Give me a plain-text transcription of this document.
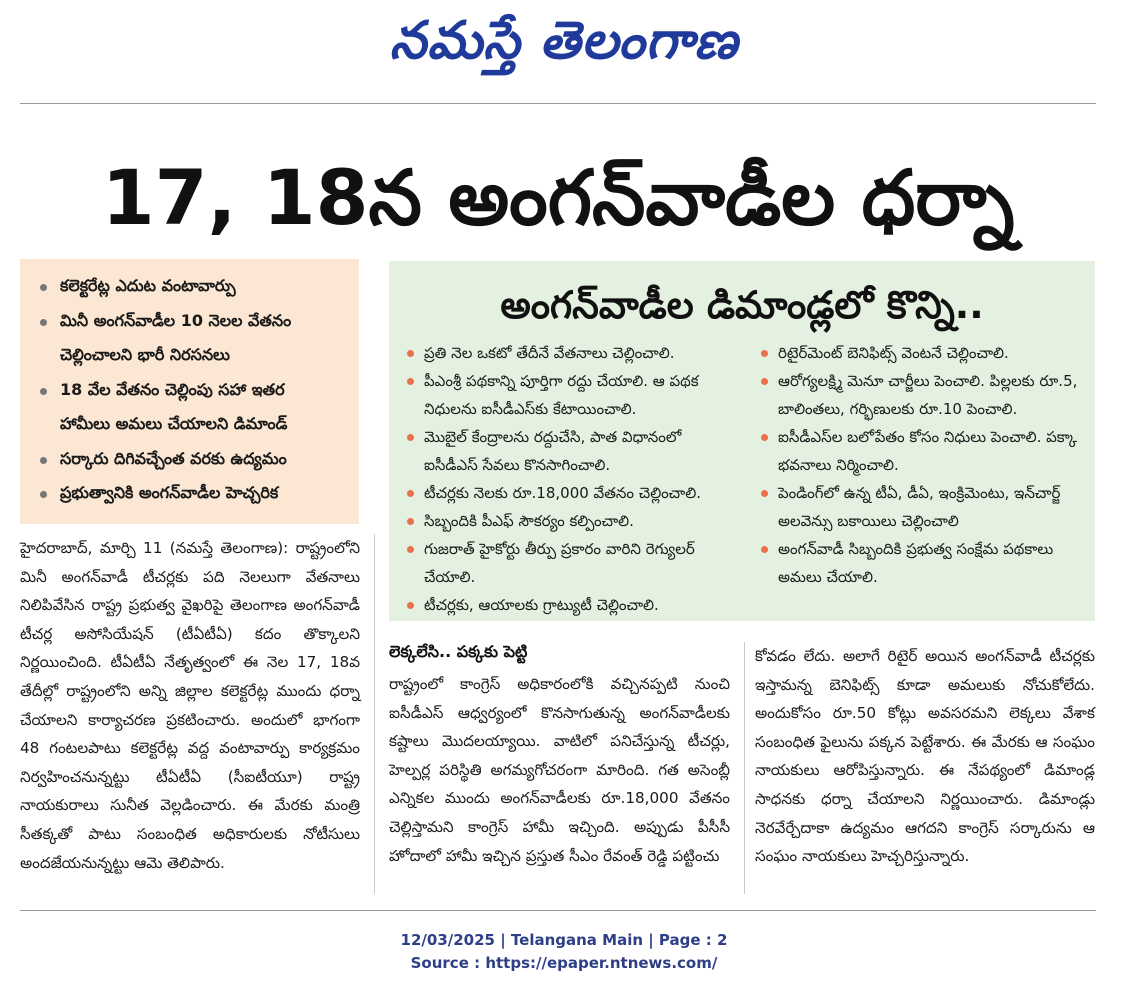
నమస్తే తెలంగాణ
17, 18న అంగన్‌వాడీల ధర్నా
కలెక్టరేట్ల ఎదుట వంటావార్పు
మినీ అంగన్‌వాడీల 10 నెలల వేతనం
చెల్లించాలని భారీ నిరసనలు
18 వేల వేతనం చెల్లింపు సహా ఇతర
హామీలు అమలు చేయాలని డిమాండ్
సర్కారు దిగివచ్చేంత వరకు ఉద్యమం
ప్రభుత్వానికి అంగన్‌వాడీల హెచ్చరిక
అంగన్‌వాడీల డిమాండ్లలో కొన్ని..
ప్రతి నెల ఒకటో తేదీనే వేతనాలు చెల్లించాలి.
పీఎంశ్రీ పథకాన్ని పూర్తిగా రద్దు చేయాలి. ఆ పథక నిధులను ఐసీడీఎస్‌కు కేటాయించాలి.
మొబైల్ కేంద్రాలను రద్దుచేసి, పాత విధానంలో ఐసీడీఎస్ సేవలు కొనసాగించాలి.
టీచర్లకు నెలకు రూ.18,000 వేతనం చెల్లించాలి.
సిబ్బందికి పీఎఫ్ సౌకర్యం కల్పించాలి.
గుజరాత్ హైకోర్టు తీర్పు ప్రకారం వారిని రెగ్యులర్ చేయాలి.
టీచర్లకు, ఆయాలకు గ్రాట్యుటీ చెల్లించాలి.
రిటైర్‌మెంట్ బెనిఫిట్స్ వెంటనే చెల్లించాలి.
ఆరోగ్యలక్ష్మి మెనూ చార్జీలు పెంచాలి. పిల్లలకు రూ.5, బాలింతలు, గర్భిణులకు రూ.10 పెంచాలి.
ఐసీడీఎస్‌ల బలోపేతం కోసం నిధులు పెంచాలి. పక్కా భవనాలు నిర్మించాలి.
పెండింగ్‌లో ఉన్న టీఏ, డీఏ, ఇంక్రిమెంటు, ఇన్‌చార్జ్ అలవెన్సు బకాయిలు చెల్లించాలి
అంగన్‌వాడీ సిబ్బందికి ప్రభుత్వ సంక్షేమ పథకాలు అమలు చేయాలి.

హైదరాబాద్, మార్చి 11 (నమస్తే తెలంగాణ): రాష్ట్రంలోని మినీ అంగన్‌వాడీ టీచర్లకు పది నెలలుగా వేతనాలు నిలిపివేసిన రాష్ట్ర ప్రభుత్వ వైఖరిపై తెలంగాణ అంగన్‌వాడీ టీచర్ల అసోసియేషన్ (టీఏటీఏ) కదం తొక్కాలని నిర్ణయించింది. టీఏటీఏ నేతృత్వంలో ఈ నెల 17, 18వ తేదీల్లో రాష్ట్రంలోని అన్ని జిల్లాల కలెక్టరేట్ల ముందు ధర్నా చేయాలని కార్యాచరణ ప్రకటించారు. అందులో భాగంగా 48 గంటలపాటు కలెక్టరేట్ల వద్ద వంటావార్పు కార్యక్రమం నిర్వహించనున్నట్టు టీఏటీఏ (సీఐటీయూ) రాష్ట్ర నాయకురాలు సునీత వెల్లడించారు. ఈ మేరకు మంత్రి సీతక్కతో పాటు సంబంధిత అధికారులకు నోటీసులు అందజేయనున్నట్టు ఆమె తెలిపారు.

లెక్కలేసి.. పక్కకు పెట్టి

రాష్ట్రంలో కాంగ్రెస్ అధికారంలోకి వచ్చినప్పటి నుంచి ఐసీడీఎస్ ఆధ్వర్యంలో కొనసాగుతున్న అంగన్‌వాడీలకు కష్టాలు మొదలయ్యాయి. వాటిలో పనిచేస్తున్న టీచర్లు, హెల్పర్ల పరిస్థితి అగమ్యగోచరంగా మారింది. గత అసెంబ్లీ ఎన్నికల ముందు అంగన్‌వాడీలకు రూ.18,000 వేతనం చెల్లిస్తామని కాంగ్రెస్ హామీ ఇచ్చింది. అప్పుడు పీసీసీ హోదాలో హామీ ఇచ్చిన ప్రస్తుత సీఎం రేవంత్ రెడ్డి పట్టించు

కోవడం లేదు. అలాగే రిటైర్ అయిన అంగన్‌వాడీ టీచర్లకు ఇస్తామన్న బెనిఫిట్స్ కూడా అమలుకు నోచుకోలేదు. అందుకోసం రూ.50 కోట్లు అవసరమని లెక్కలు వేశాక సంబంధిత ఫైలును పక్కన పెట్టేశారు. ఈ మేరకు ఆ సంఘం నాయకులు ఆరోపిస్తున్నారు. ఈ నేపథ్యంలో డిమాండ్ల సాధనకు ధర్నా చేయాలని నిర్ణయించారు. డిమాండ్లు నెరవేర్చేదాకా ఉద్యమం ఆగదని కాంగ్రెస్ సర్కారును ఆ సంఘం నాయకులు హెచ్చరిస్తున్నారు.

12/03/2025 | Telangana Main | Page : 2
Source : https://epaper.ntnews.com/
